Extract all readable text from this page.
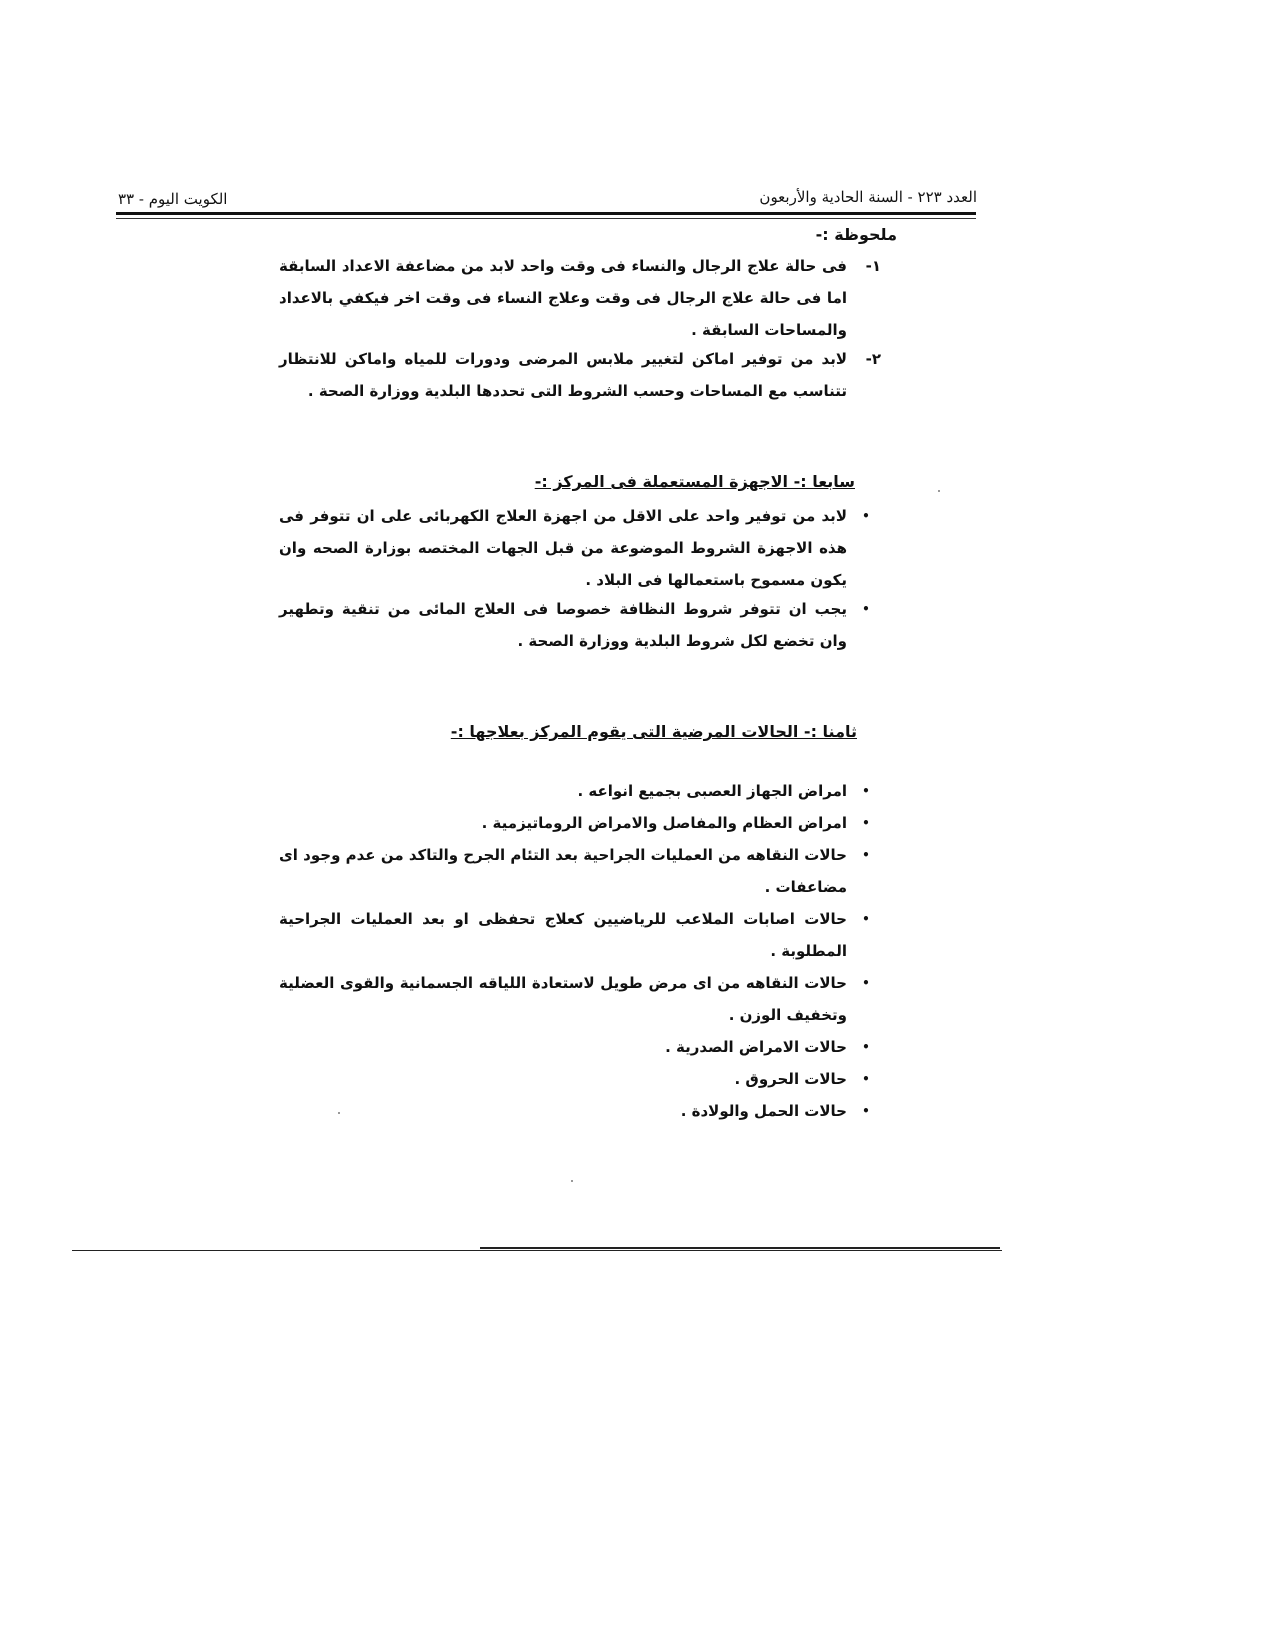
الكويت اليوم - ٣٣	العدد ٢٢٣ - السنة الحادية والأربعون
ملحوظة :-
١-
فى حالة علاج الرجال والنساء فى وقت واحد لابد من مضاعفة الاعداد السابقة اما فى حالة علاج الرجال فى وقت وعلاج النساء فى وقت اخر فيكفي بالاعداد والمساحات السابقة .
٢-
لابد من توفير اماكن لتغيير ملابس المرضى ودورات للمياه واماكن للانتظار تتناسب مع المساحات وحسب الشروط التى تحددها البلدية ووزارة الصحة .
سابعا :- الاجهزة المستعملة فى المركز :-
•
لابد من توفير واحد على الاقل من اجهزة العلاج الكهربائى على ان تتوفر فى هذه الاجهزة الشروط الموضوعة من قبل الجهات المختصه بوزارة الصحه وان يكون مسموح باستعمالها فى البلاد .
•
يجب ان تتوفر شروط النظافة خصوصا فى العلاج المائى من تنقية وتطهير وان تخضع لكل شروط البلدية ووزارة الصحة .
ثامنا :- الحالات المرضية التى يقوم المركز بعلاجها :-
•
امراض الجهاز العصبى بجميع انواعه .
•
امراض العظام والمفاصل والامراض الروماتيزمية .
•
حالات النقاهه من العمليات الجراحية بعد التئام الجرح والتاكد من عدم وجود اى مضاعفات .
•
حالات اصابات الملاعب للرياضيين كعلاج تحفظى او بعد العمليات الجراحية المطلوبة .
•
حالات النقاهه من اى مرض طويل لاستعادة اللياقه الجسمانية والقوى العضلية وتخفيف الوزن .
•
حالات الامراض الصدرية .
•
حالات الحروق .
•
حالات الحمل والولادة .
